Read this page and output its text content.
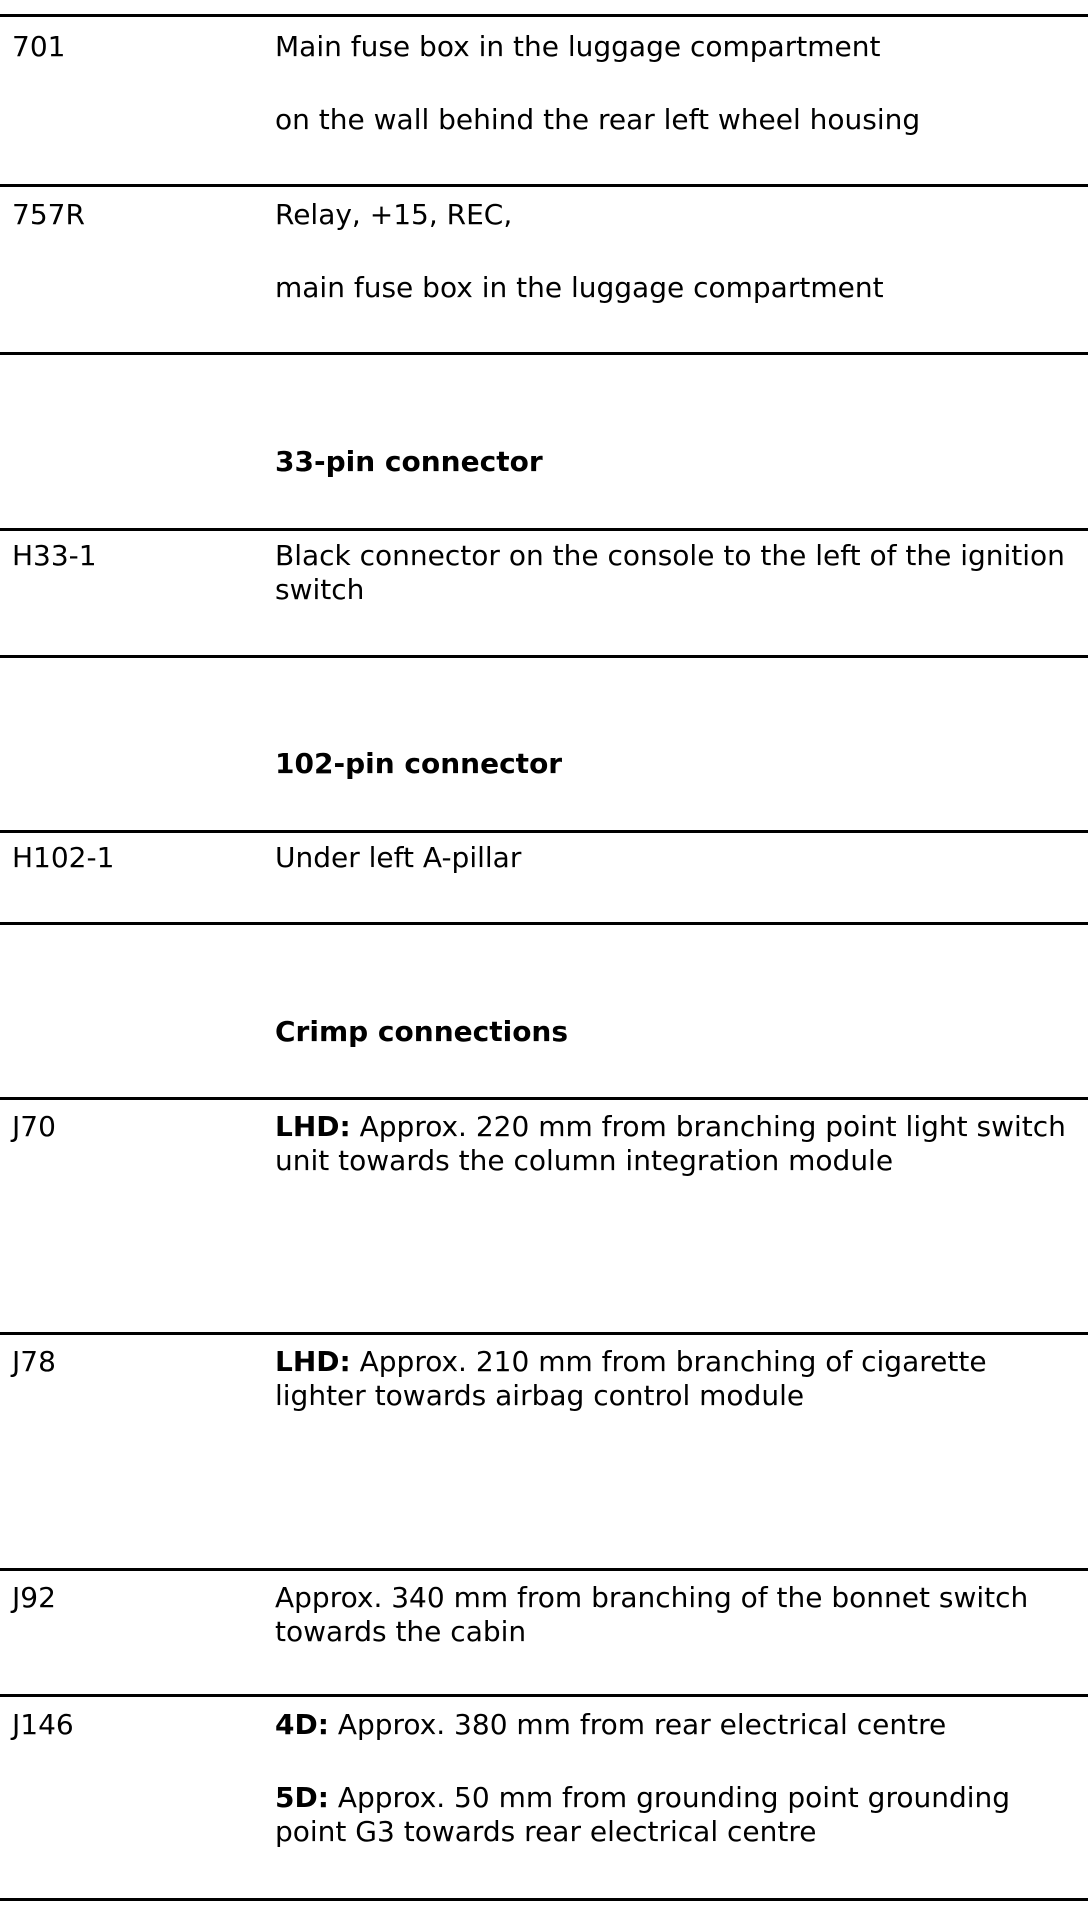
701	Main fuse box in the luggage compartment
on the wall behind the rear left wheel housing
757R	Relay, +15, REC,
main fuse box in the luggage compartment
33-pin connector
H33-1	Black connector on the console to the left of the ignition switch
102-pin connector
H102-1	Under left A-pillar
Crimp connections
J70	LHD: Approx. 220 mm from branching point light switch unit towards the column integration module
J78	LHD: Approx. 210 mm from branching of cigarette lighter towards airbag control module
J92	Approx. 340 mm from branching of the bonnet switch towards the cabin
J146	4D: Approx. 380 mm from rear electrical centre
5D: Approx. 50 mm from grounding point grounding point G3 towards rear electrical centre
